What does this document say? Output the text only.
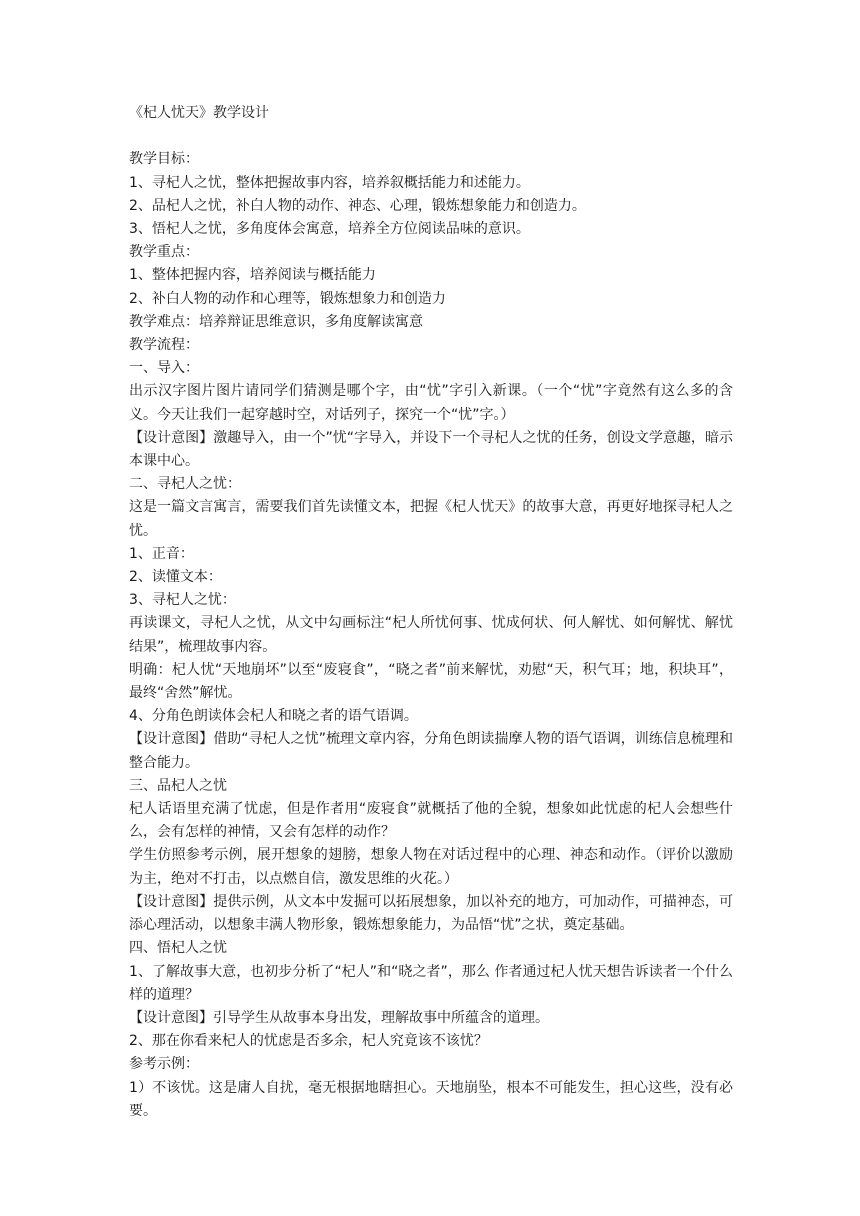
《杞人忧天》教学设计

教学目标：

1、寻杞人之忧，整体把握故事内容，培养叙概括能力和述能力。

2、品杞人之忧，补白人物的动作、神态、心理，锻炼想象能力和创造力。

3、悟杞人之忧，多角度体会寓意，培养全方位阅读品味的意识。

教学重点：

1、整体把握内容，培养阅读与概括能力

2、补白人物的动作和心理等，锻炼想象力和创造力

教学难点：培养辩证思维意识，多角度解读寓意

教学流程：

一、导入：

出示汉字图片图片请同学们猜测是哪个字，由“忧”字引入新课。（一个“忧”字竟然有这么多的含义。今天让我们一起穿越时空，对话列子，探究一个“忧”字。）

【设计意图】激趣导入，由一个”忧“字导入，并设下一个寻杞人之忧的任务，创设文学意趣，暗示本课中心。

二、寻杞人之忧：

这是一篇文言寓言，需要我们首先读懂文本，把握《杞人忧天》的故事大意，再更好地探寻杞人之忧。

1、正音：

2、读懂文本：

3、寻杞人之忧：

再读课文，寻杞人之忧，从文中勾画标注“杞人所忧何事、忧成何状、何人解忧、如何解忧、解忧结果”，梳理故事内容。

明确：杞人忧“天地崩坏”以至“废寝食”，“晓之者”前来解忧，劝慰“天，积气耳；地，积块耳”，最终“舍然”解忧。

4、分角色朗读体会杞人和晓之者的语气语调。

【设计意图】借助“寻杞人之忧”梳理文章内容，分角色朗读揣摩人物的语气语调，训练信息梳理和整合能力。

三、品杞人之忧

杞人话语里充满了忧虑，但是作者用“废寝食”就概括了他的全貌，想象如此忧虑的杞人会想些什么，会有怎样的神情，又会有怎样的动作？

学生仿照参考示例，展开想象的翅膀，想象人物在对话过程中的心理、神态和动作。（评价以激励为主，绝对不打击，以点燃自信，激发思维的火花。）

【设计意图】提供示例，从文本中发掘可以拓展想象，加以补充的地方，可加动作，可描神态，可添心理活动，以想象丰满人物形象，锻炼想象能力，为品悟“忧”之状，奠定基础。

四、悟杞人之忧

1、了解故事大意，也初步分析了“杞人”和“晓之者”，那么 作者通过杞人忧天想告诉读者一个什么样的道理？

【设计意图】引导学生从故事本身出发，理解故事中所蕴含的道理。

2、那在你看来杞人的忧虑是否多余，杞人究竟该不该忧？

参考示例：

1）不该忧。这是庸人自扰，毫无根据地瞎担心。天地崩坠，根本不可能发生，担心这些，没有必要。
